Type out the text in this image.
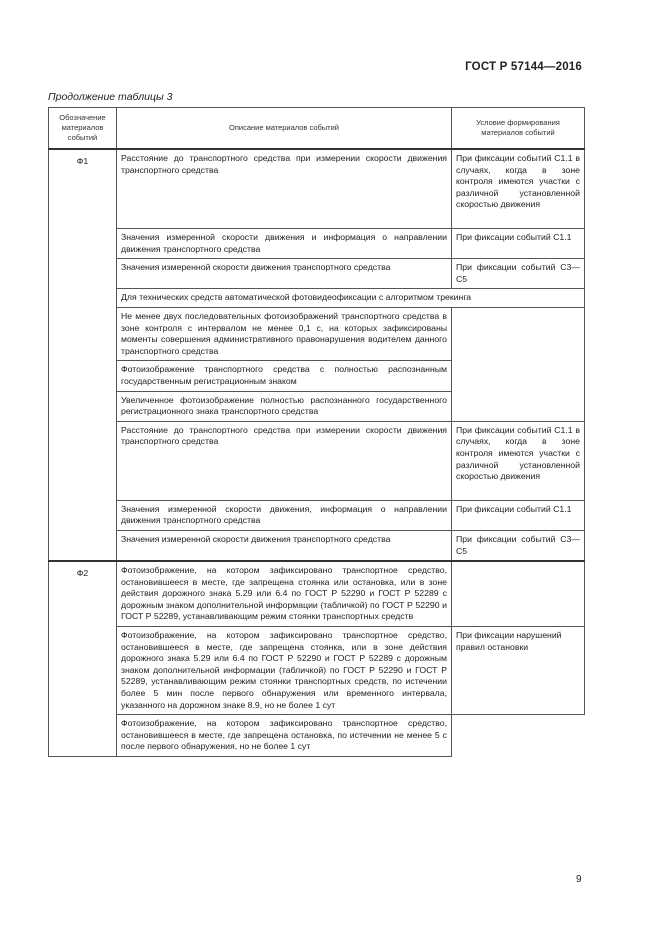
ГОСТ Р 57144—2016
Продолжение таблицы 3
Обозначение материалов событий	Описание материалов событий	Условие формирования материалов событий
Ф1	Расстояние до транспортного средства при измерении скорости движения транспортного средства	При фиксации событий С1.1 в случаях, когда в зоне контроля имеются участки с различной установленной скоростью движения
	Значения измеренной скорости движения и информация о направлении движения транспортного средства	При фиксации событий С1.1
	Значения измеренной скорости движения транспортного средства	При фиксации событий С3—С5
	Для технических средств автоматической фотовидеофиксации с алгоритмом трекинга	
	Не менее двух последовательных фотоизображений транспортного средства в зоне контроля с интервалом не менее 0,1 с, на которых зафиксированы моменты совершения административного правонарушения водителем данного транспортного средства	
	Фотоизображение транспортного средства с полностью распознанным государственным регистрационным знаком	
	Увеличенное фотоизображение полностью распознанного государственного регистрационного знака транспортного средства	
	Расстояние до транспортного средства при измерении скорости движения транспортного средства	При фиксации событий С1.1 в случаях, когда в зоне контроля имеются участки с различной установленной скоростью движения
	Значения измеренной скорости движения, информация о направлении движения транспортного средства	При фиксации событий С1.1
	Значения измеренной скорости движения транспортного средства	При фиксации событий С3—С5
Ф2	Фотоизображение, на котором зафиксировано транспортное средство, остановившееся в месте, где запрещена стоянка или остановка, или в зоне действия дорожного знака 5.29 или 6.4 по ГОСТ Р 52290 и ГОСТ Р 52289 с дорожным знаком дополнительной информации (табличкой) по ГОСТ Р 52290 и ГОСТ Р 52289, устанавливающим режим стоянки транспортных средств	
	Фотоизображение, на котором зафиксировано транспортное средство, остановившееся в месте, где запрещена стоянка, или в зоне действия дорожного знака 5.29 или 6.4 по ГОСТ Р 52290 и ГОСТ Р 52289 с дорожным знаком дополнительной информации (табличкой) по ГОСТ Р 52290 и ГОСТ Р 52289, устанавливающим режим стоянки транспортных средств, по истечении более 5 мин после первого обнаружения или временного интервала, указанного на дорожном знаке 8.9, но не более 1 сут	При фиксации нарушений правил остановки
	Фотоизображение, на котором зафиксировано транспортное средство, остановившееся в месте, где запрещена остановка, по истечении не менее 5 с после первого обнаружения, но не более 1 сут	
9
